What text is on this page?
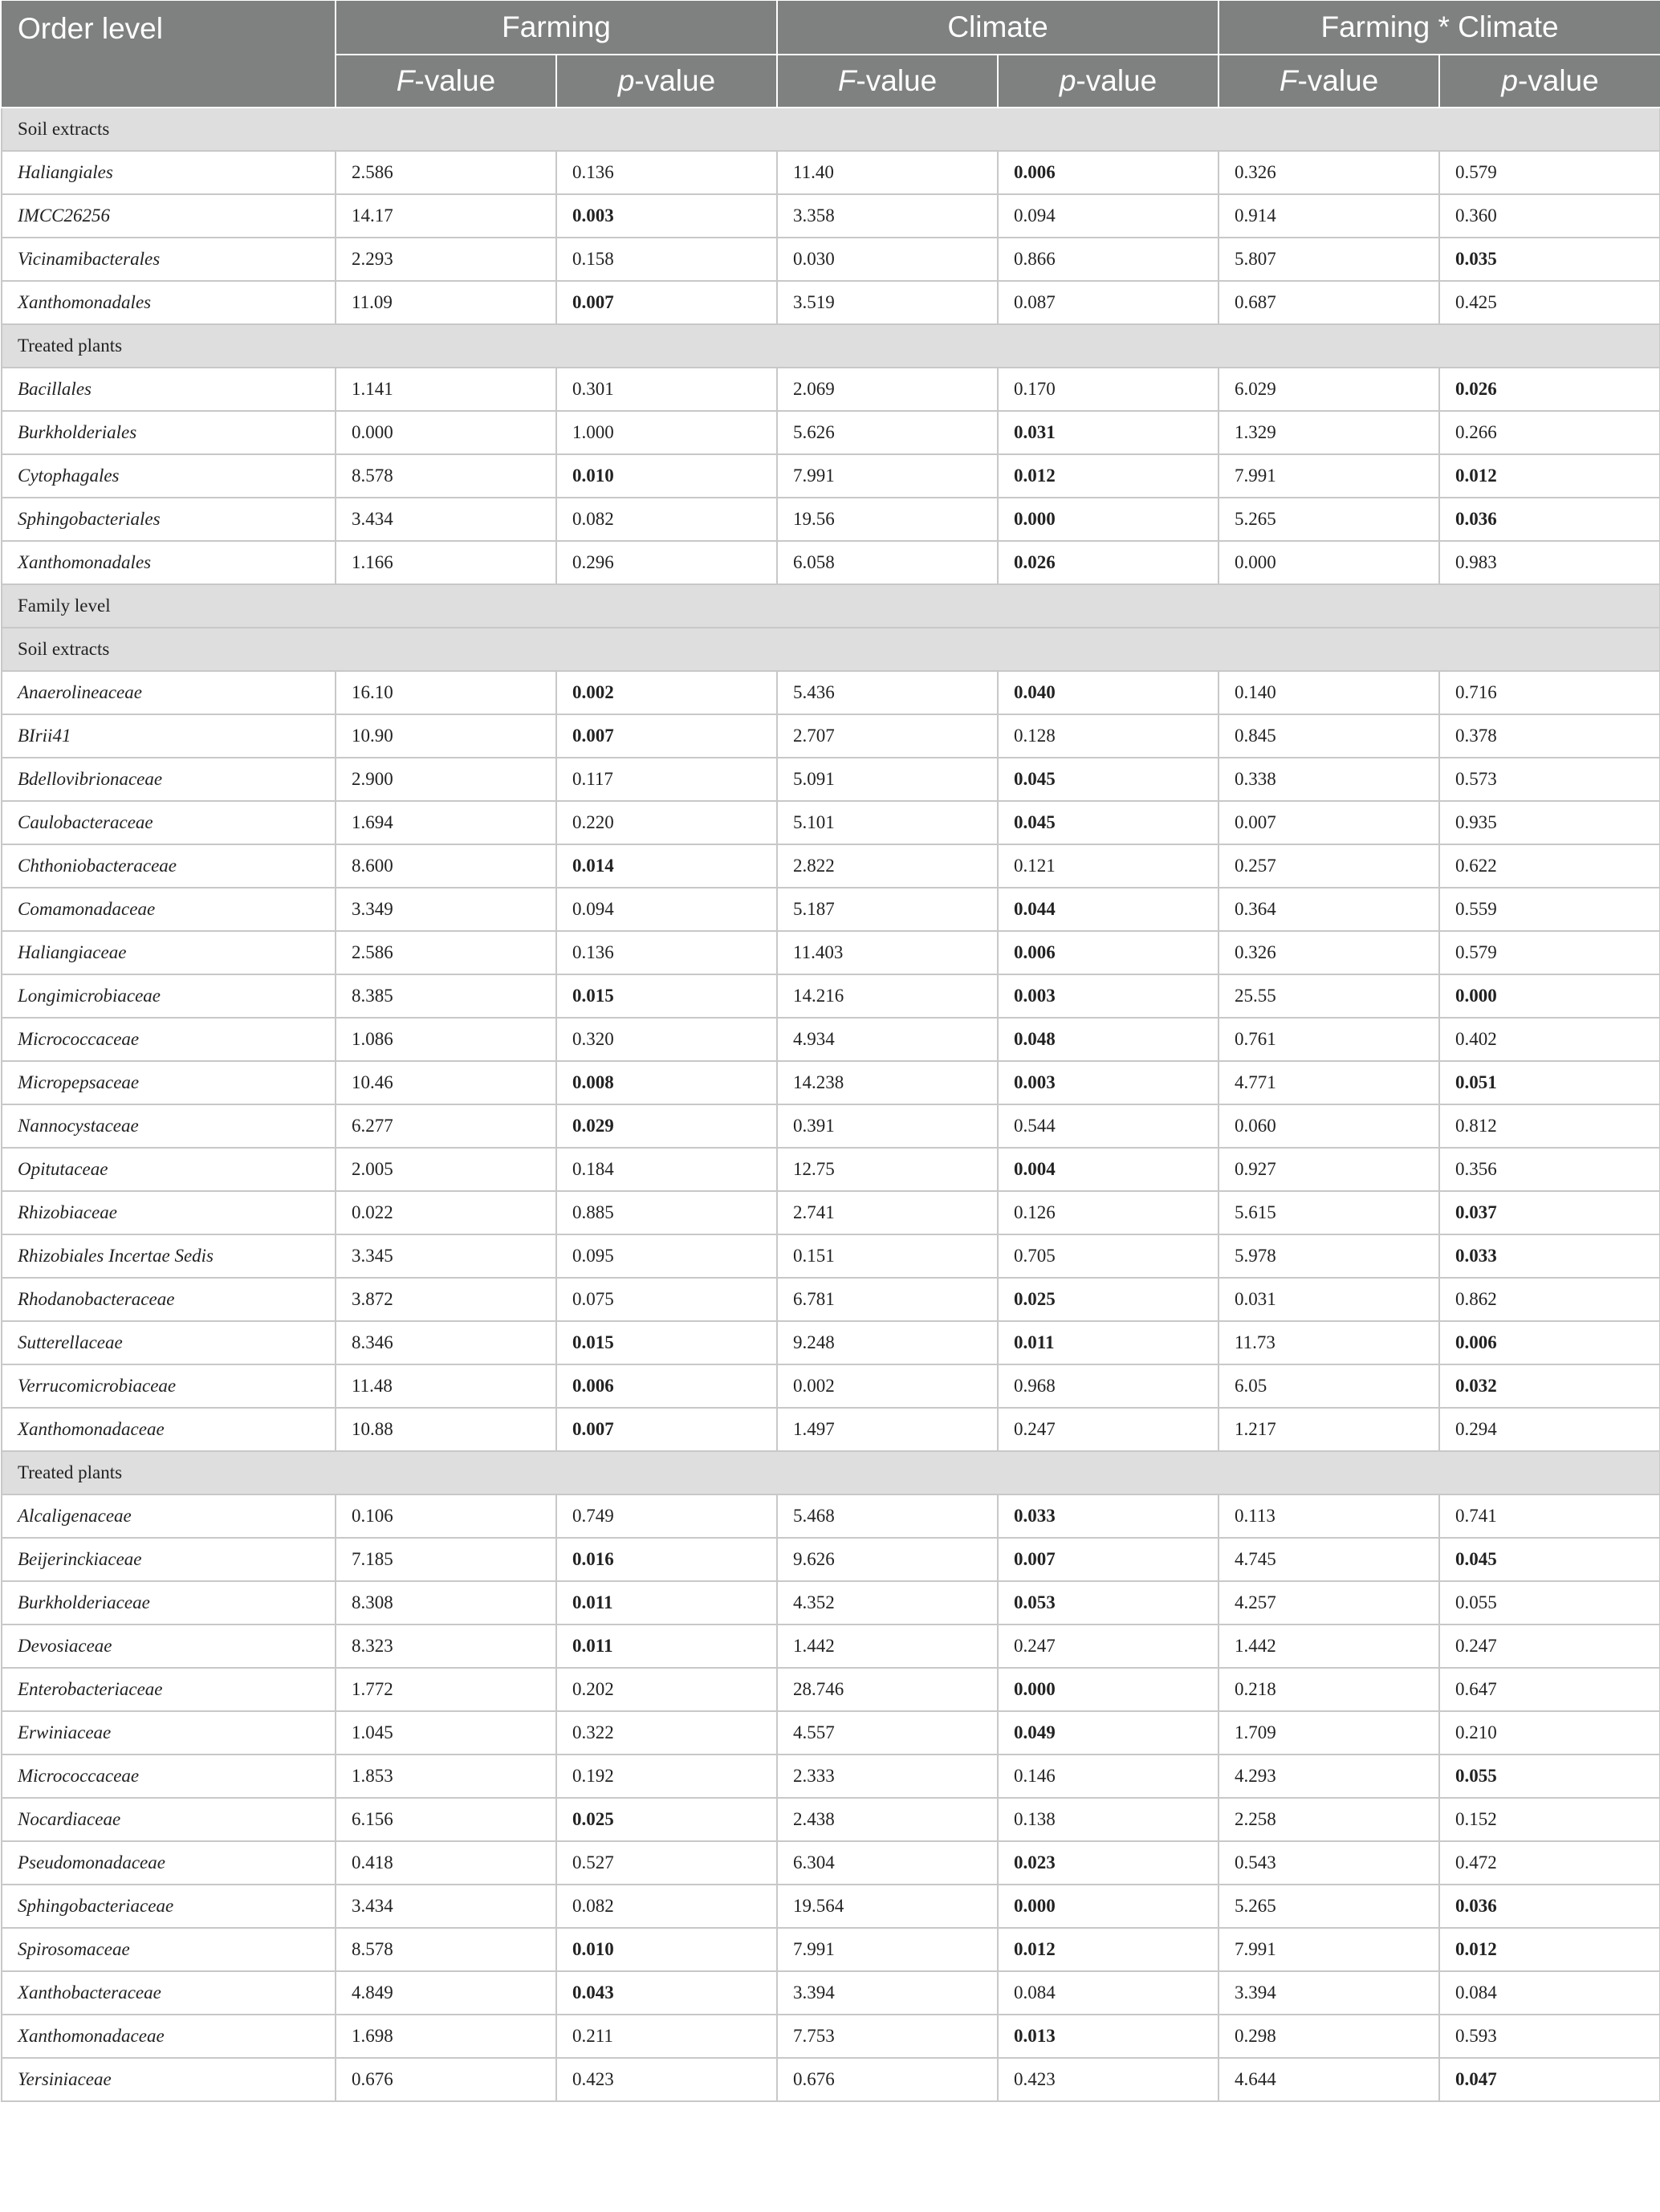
Order level	Farming		Climate		Farming * Climate	
	F-value	p-value	F-value	p-value	F-value	p-value
Soil extracts						
Haliangiales	2.586	0.136	11.40	0.006	0.326	0.579
IMCC26256	14.17	0.003	3.358	0.094	0.914	0.360
Vicinamibacterales	2.293	0.158	0.030	0.866	5.807	0.035
Xanthomonadales	11.09	0.007	3.519	0.087	0.687	0.425
Treated plants						
Bacillales	1.141	0.301	2.069	0.170	6.029	0.026
Burkholderiales	0.000	1.000	5.626	0.031	1.329	0.266
Cytophagales	8.578	0.010	7.991	0.012	7.991	0.012
Sphingobacteriales	3.434	0.082	19.56	0.000	5.265	0.036
Xanthomonadales	1.166	0.296	6.058	0.026	0.000	0.983
Family level						
Soil extracts						
Anaerolineaceae	16.10	0.002	5.436	0.040	0.140	0.716
BIrii41	10.90	0.007	2.707	0.128	0.845	0.378
Bdellovibrionaceae	2.900	0.117	5.091	0.045	0.338	0.573
Caulobacteraceae	1.694	0.220	5.101	0.045	0.007	0.935
Chthoniobacteraceae	8.600	0.014	2.822	0.121	0.257	0.622
Comamonadaceae	3.349	0.094	5.187	0.044	0.364	0.559
Haliangiaceae	2.586	0.136	11.403	0.006	0.326	0.579
Longimicrobiaceae	8.385	0.015	14.216	0.003	25.55	0.000
Micrococcaceae	1.086	0.320	4.934	0.048	0.761	0.402
Micropepsaceae	10.46	0.008	14.238	0.003	4.771	0.051
Nannocystaceae	6.277	0.029	0.391	0.544	0.060	0.812
Opitutaceae	2.005	0.184	12.75	0.004	0.927	0.356
Rhizobiaceae	0.022	0.885	2.741	0.126	5.615	0.037
Rhizobiales Incertae Sedis	3.345	0.095	0.151	0.705	5.978	0.033
Rhodanobacteraceae	3.872	0.075	6.781	0.025	0.031	0.862
Sutterellaceae	8.346	0.015	9.248	0.011	11.73	0.006
Verrucomicrobiaceae	11.48	0.006	0.002	0.968	6.05	0.032
Xanthomonadaceae	10.88	0.007	1.497	0.247	1.217	0.294
Treated plants						
Alcaligenaceae	0.106	0.749	5.468	0.033	0.113	0.741
Beijerinckiaceae	7.185	0.016	9.626	0.007	4.745	0.045
Burkholderiaceae	8.308	0.011	4.352	0.053	4.257	0.055
Devosiaceae	8.323	0.011	1.442	0.247	1.442	0.247
Enterobacteriaceae	1.772	0.202	28.746	0.000	0.218	0.647
Erwiniaceae	1.045	0.322	4.557	0.049	1.709	0.210
Micrococcaceae	1.853	0.192	2.333	0.146	4.293	0.055
Nocardiaceae	6.156	0.025	2.438	0.138	2.258	0.152
Pseudomonadaceae	0.418	0.527	6.304	0.023	0.543	0.472
Sphingobacteriaceae	3.434	0.082	19.564	0.000	5.265	0.036
Spirosomaceae	8.578	0.010	7.991	0.012	7.991	0.012
Xanthobacteraceae	4.849	0.043	3.394	0.084	3.394	0.084
Xanthomonadaceae	1.698	0.211	7.753	0.013	0.298	0.593
Yersiniaceae	0.676	0.423	0.676	0.423	4.644	0.047
